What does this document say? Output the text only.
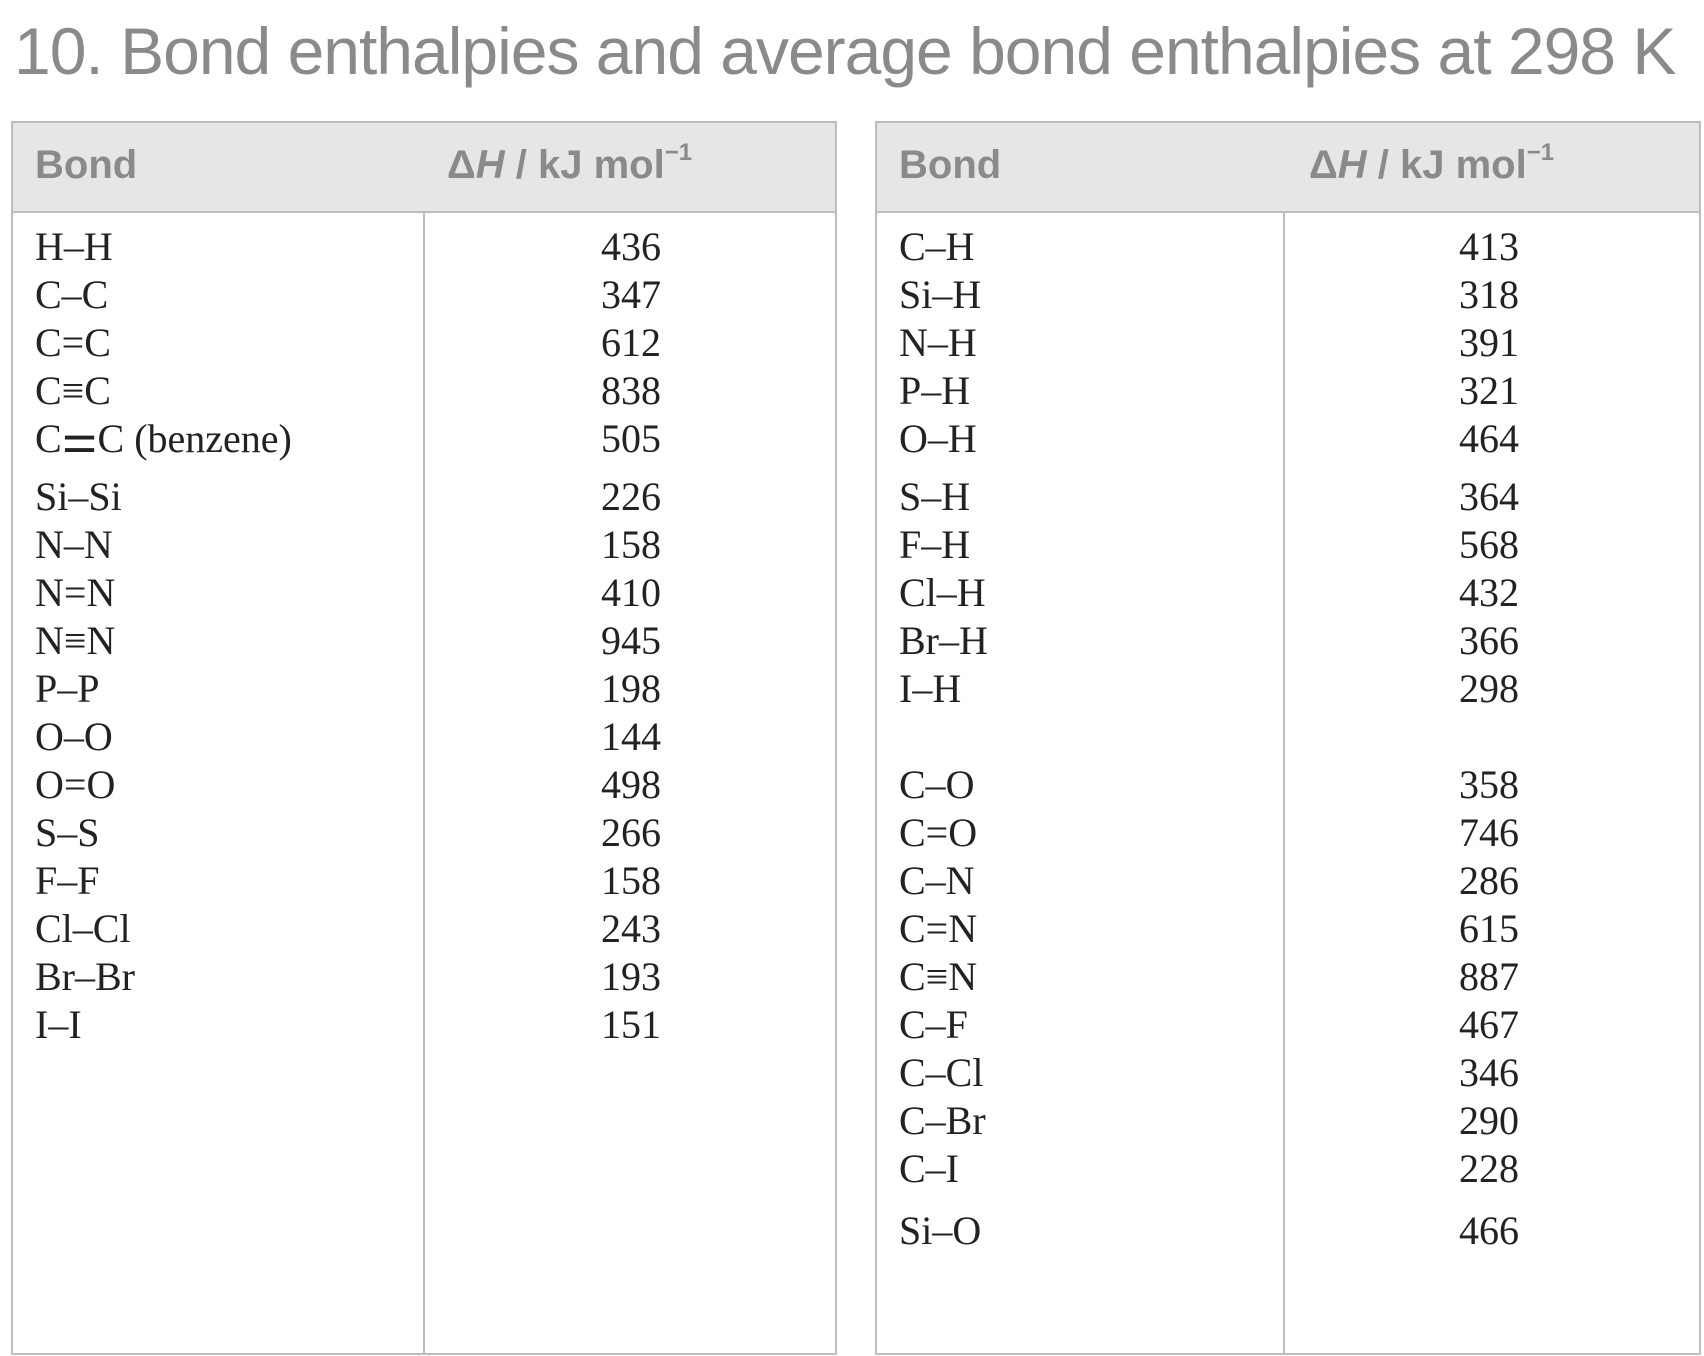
10. Bond enthalpies and average bond enthalpies at 298 K
Bond	ΔH / kJ mol$^{-1}$
H–H	436
C–C	347
C=C	612
C≡C	838
C⚌C (benzene)	505
Si–Si	226
N–N	158
N=N	410
N≡N	945
P–P	198
O–O	144
O=O	498
S–S	266
F–F	158
Cl–Cl	243
Br–Br	193
I–I	151
Bond	ΔH / kJ mol$^{-1}$
C–H	413
Si–H	318
N–H	391
P–H	321
O–H	464
S–H	364
F–H	568
Cl–H	432
Br–H	366
I–H	298
C–O	358
C=O	746
C–N	286
C=N	615
C≡N	887
C–F	467
C–Cl	346
C–Br	290
C–I	228
Si–O	466
